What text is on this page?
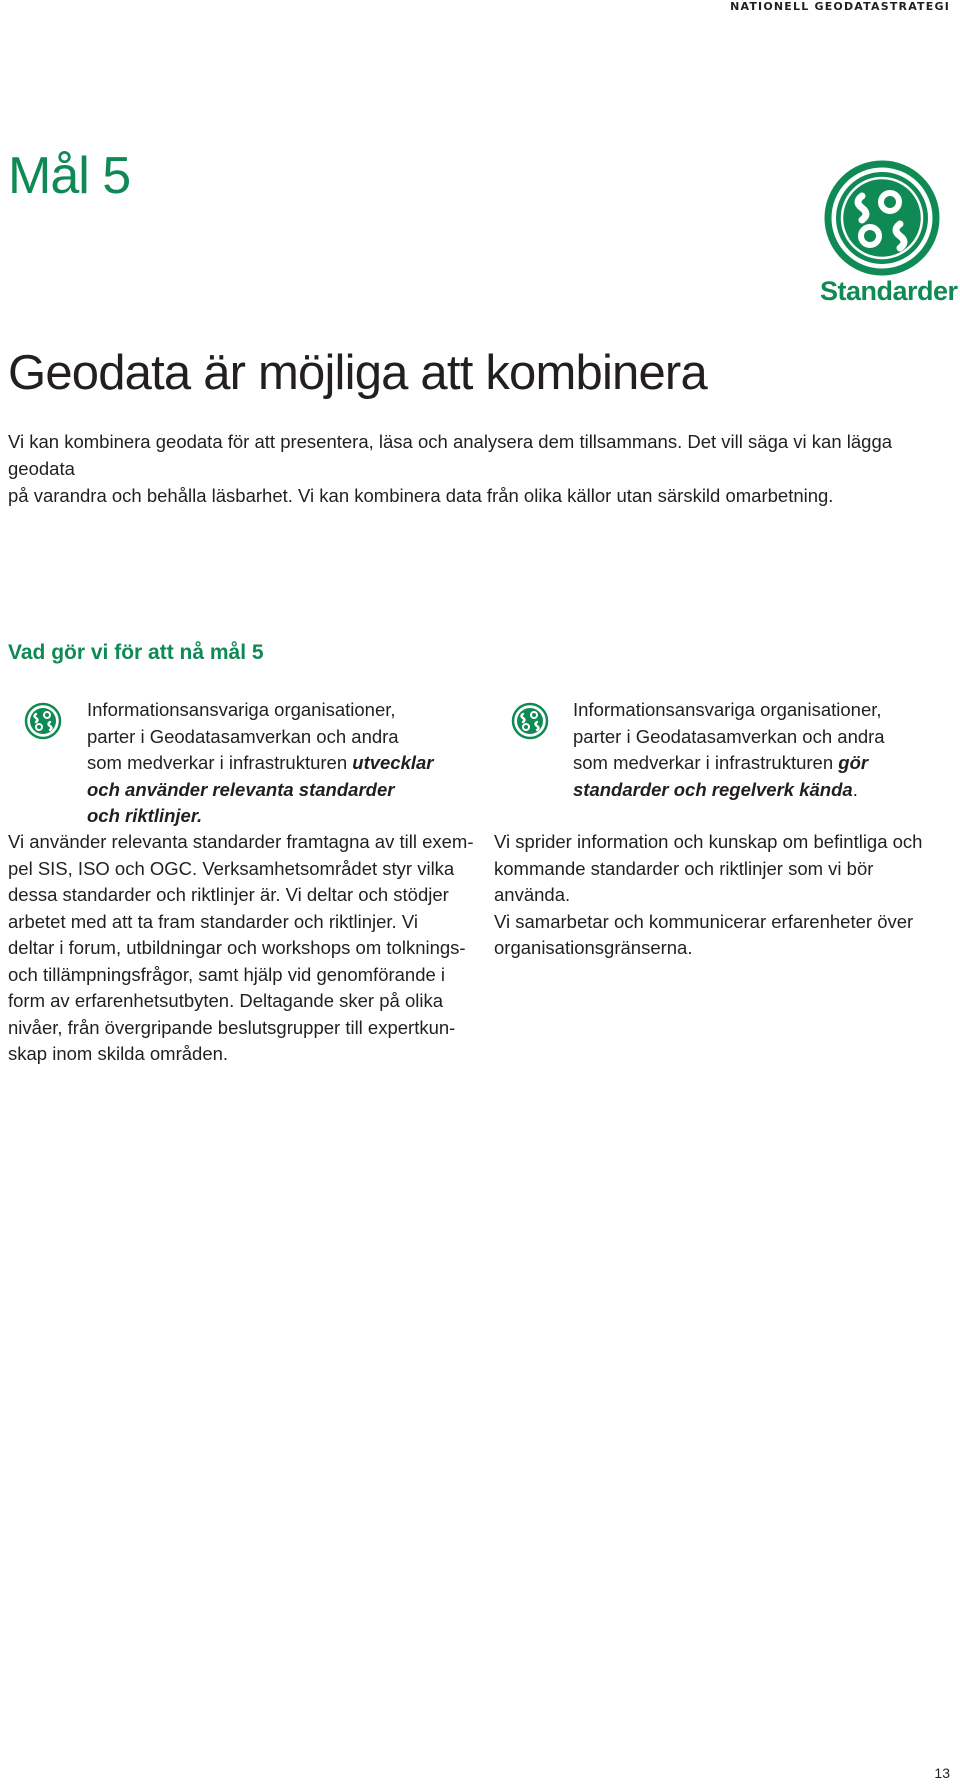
NATIONELL GEODATASTRATEGI
Mål 5
Standarder
Geodata är möjliga att kombinera

Vi kan kombinera geodata för att presentera, läsa och analysera dem tillsammans. Det vill säga vi kan lägga geodata

på varandra och behålla läsbarhet. Vi kan kombinera data från olika källor utan särskild omarbetning.

Vad gör vi för att nå mål 5

Informationsansvariga organisationer,

parter i Geodatasamverkan och andra

som medverkar i infrastrukturen utvecklar

och använder relevanta standarder

och riktlinjer.

Vi använder relevanta standarder framtagna av till exem-

pel SIS, ISO och OGC. Verksamhetsområdet styr vilka

dessa standarder och riktlinjer är. Vi deltar och stödjer

arbetet med att ta fram standarder och riktlinjer. Vi

deltar i forum, utbildningar och workshops om tolknings-

och tillämpningsfrågor, samt hjälp vid genomförande i

form av erfarenhetsutbyten. Deltagande sker på olika

nivåer, från övergripande beslutsgrupper till expertkun-

skap inom skilda områden.

Informationsansvariga organisationer,

parter i Geodatasamverkan och andra

som medverkar i infrastrukturen gör

standarder och regelverk kända.

Vi sprider information och kunskap om befintliga och

kommande standarder och riktlinjer som vi bör använda.

Vi samarbetar och kommunicerar erfarenheter över

organisationsgränserna.

13
